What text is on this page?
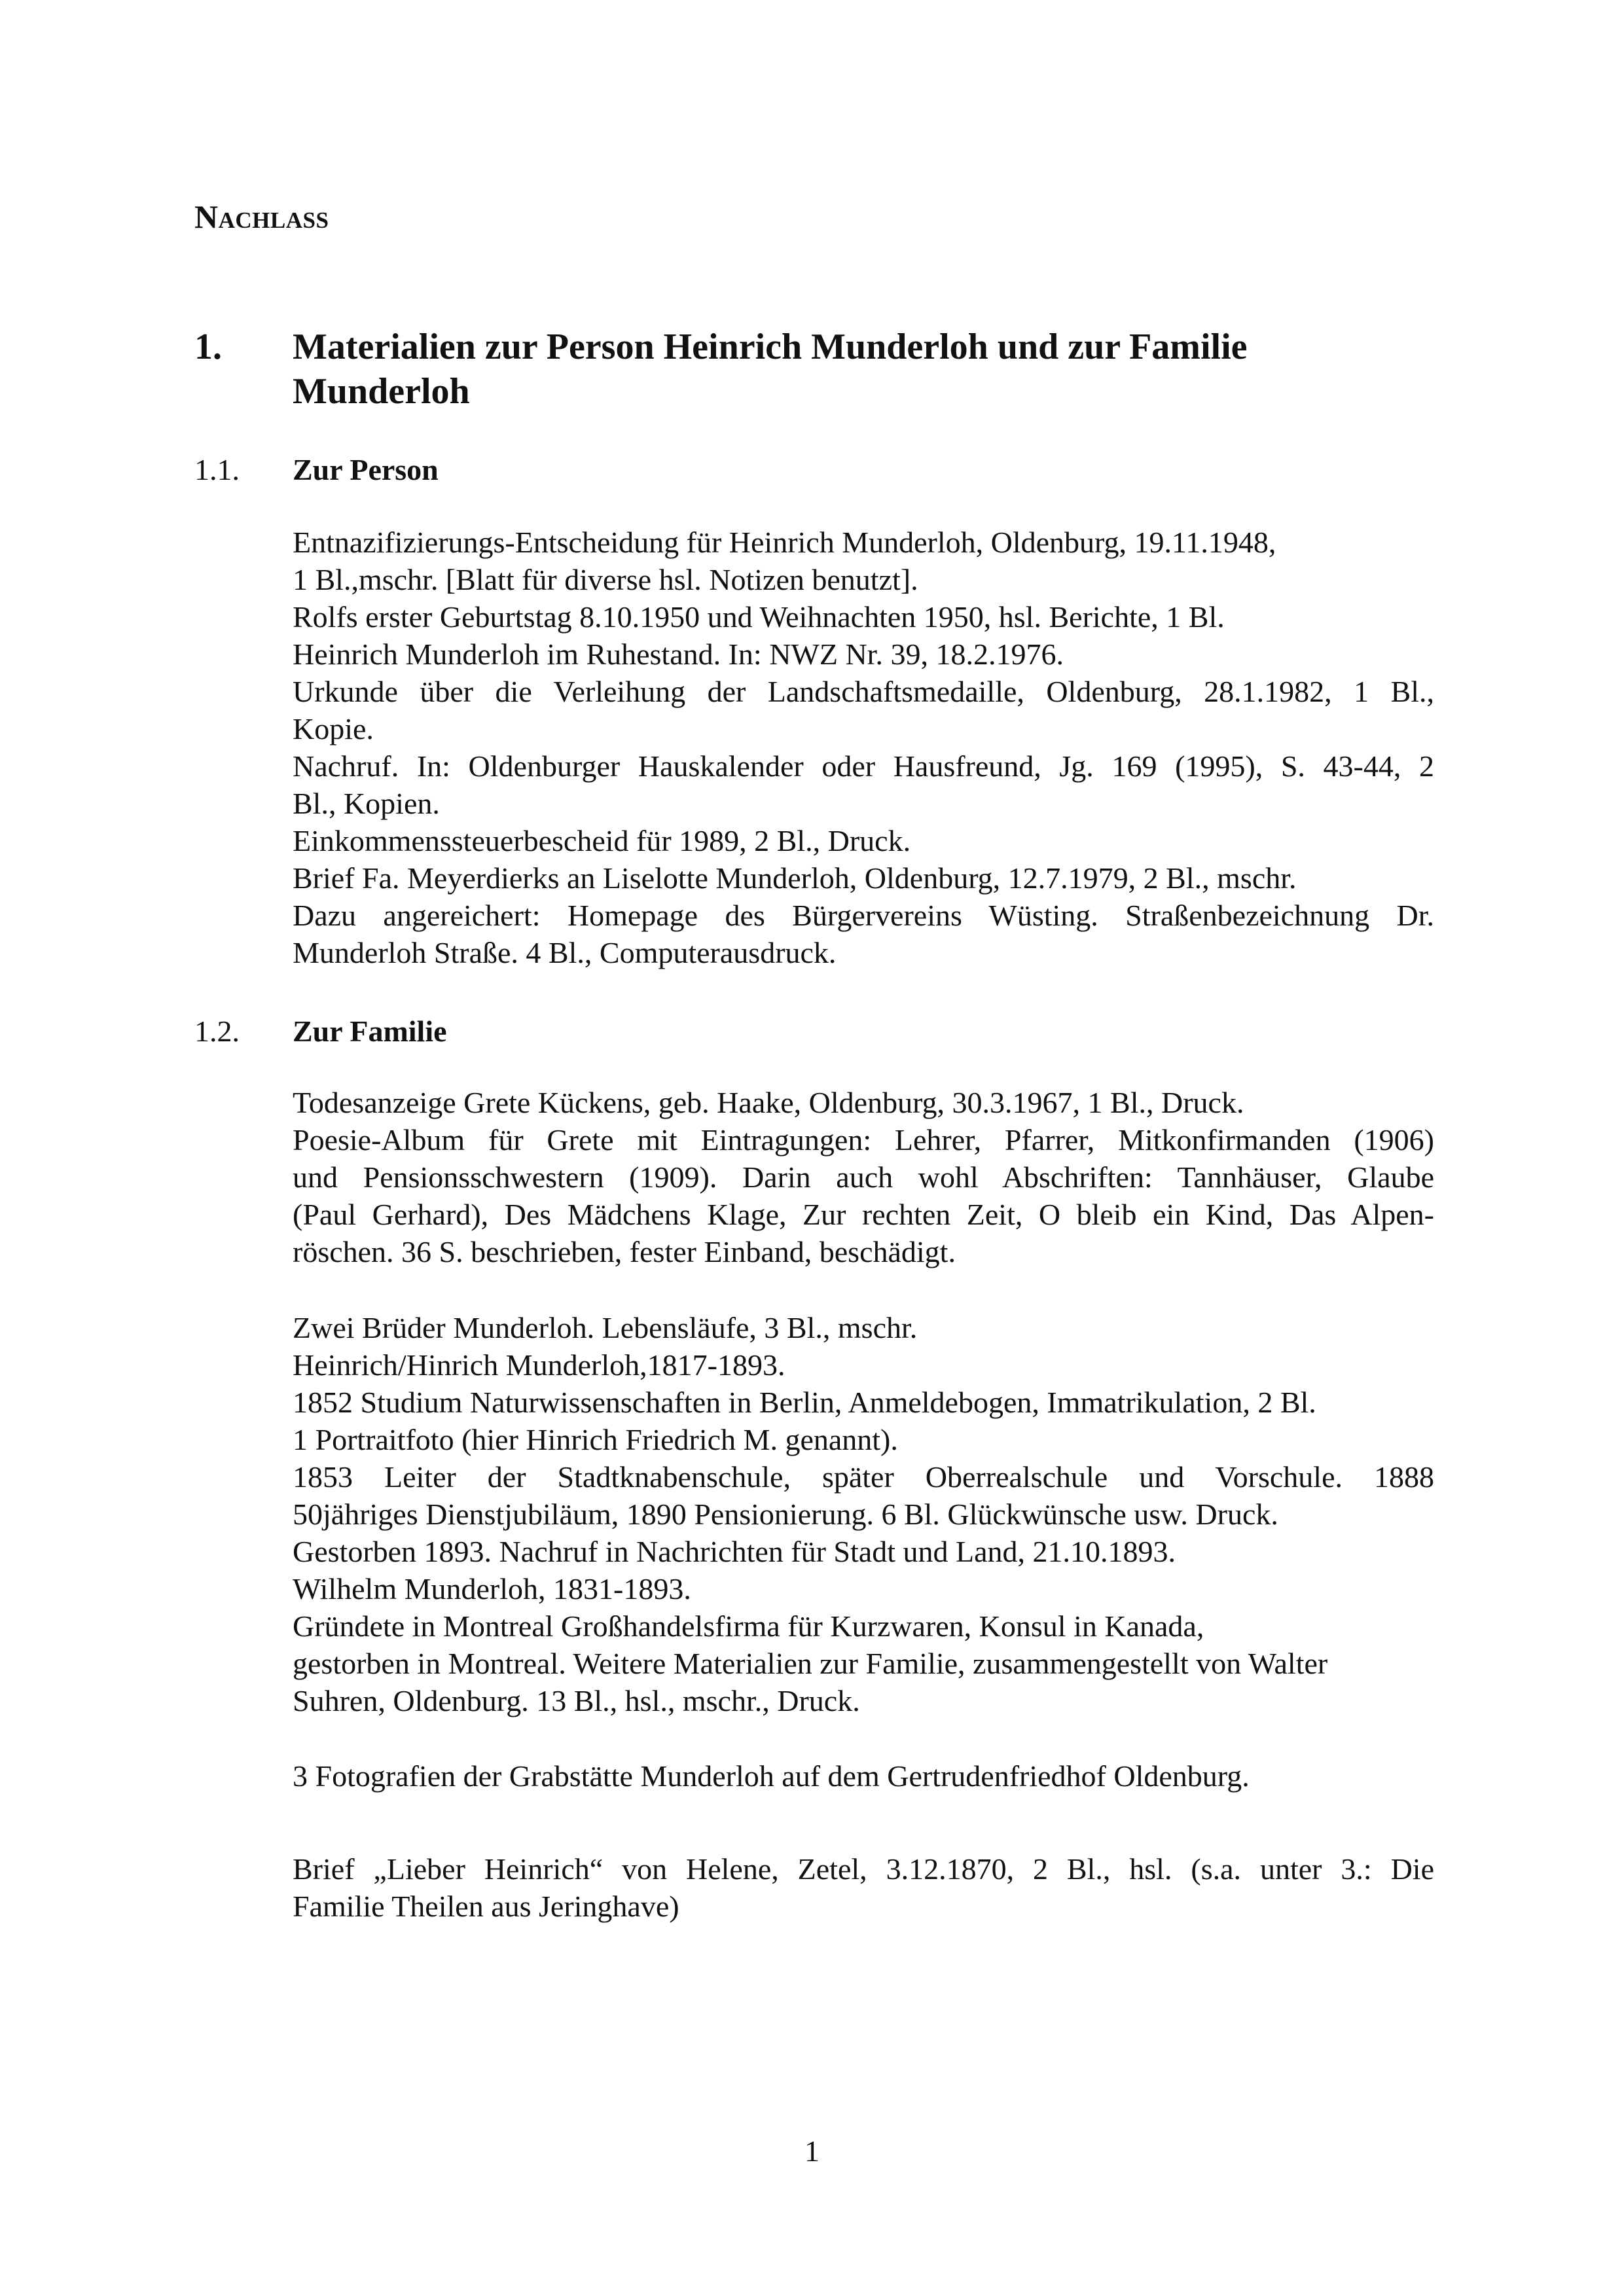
Nachlass
1. Materialien zur Person Heinrich Munderloh und zur Familie
Munderloh
1.1. Zur Person
Entnazifizierungs-Entscheidung für Heinrich Munderloh, Oldenburg, 19.11.1948,
1 Bl.,mschr. [Blatt für diverse hsl. Notizen benutzt].
Rolfs erster Geburtstag 8.10.1950 und Weihnachten 1950, hsl. Berichte, 1 Bl.
Heinrich Munderloh im Ruhestand. In: NWZ Nr. 39, 18.2.1976.
Urkunde über die Verleihung der Landschaftsmedaille, Oldenburg, 28.1.1982, 1 Bl.,
Kopie.
Nachruf. In: Oldenburger Hauskalender oder Hausfreund, Jg. 169 (1995), S. 43-44, 2
Bl., Kopien.
Einkommenssteuerbescheid für 1989, 2 Bl., Druck.
Brief Fa. Meyerdierks an Liselotte Munderloh, Oldenburg, 12.7.1979, 2 Bl., mschr.
Dazu angereichert: Homepage des Bürgervereins Wüsting. Straßenbezeichnung Dr.
Munderloh Straße. 4 Bl., Computerausdruck.
1.2. Zur Familie
Todesanzeige Grete Kückens, geb. Haake, Oldenburg, 30.3.1967, 1 Bl., Druck.
Poesie-Album für Grete mit Eintragungen: Lehrer, Pfarrer, Mitkonfirmanden (1906)
und Pensionsschwestern (1909). Darin auch wohl Abschriften: Tannhäuser, Glaube
(Paul Gerhard), Des Mädchens Klage, Zur rechten Zeit, O bleib ein Kind, Das Alpen-
röschen. 36 S. beschrieben, fester Einband, beschädigt.
Zwei Brüder Munderloh. Lebensläufe, 3 Bl., mschr.
Heinrich/Hinrich Munderloh,1817-1893.
1852 Studium Naturwissenschaften in Berlin, Anmeldebogen, Immatrikulation, 2 Bl.
1 Portraitfoto (hier Hinrich Friedrich M. genannt).
1853 Leiter der Stadtknabenschule, später Oberrealschule und Vorschule. 1888
50jähriges Dienstjubiläum, 1890 Pensionierung. 6 Bl. Glückwünsche usw. Druck.
Gestorben 1893. Nachruf in Nachrichten für Stadt und Land, 21.10.1893.
Wilhelm Munderloh, 1831-1893.
Gründete in Montreal Großhandelsfirma für Kurzwaren, Konsul in Kanada,
gestorben in Montreal. Weitere Materialien zur Familie, zusammengestellt von Walter
Suhren, Oldenburg. 13 Bl., hsl., mschr., Druck.
3 Fotografien der Grabstätte Munderloh auf dem Gertrudenfriedhof Oldenburg.
Brief „Lieber Heinrich“ von Helene, Zetel, 3.12.1870, 2 Bl., hsl. (s.a. unter 3.: Die
Familie Theilen aus Jeringhave)
1
